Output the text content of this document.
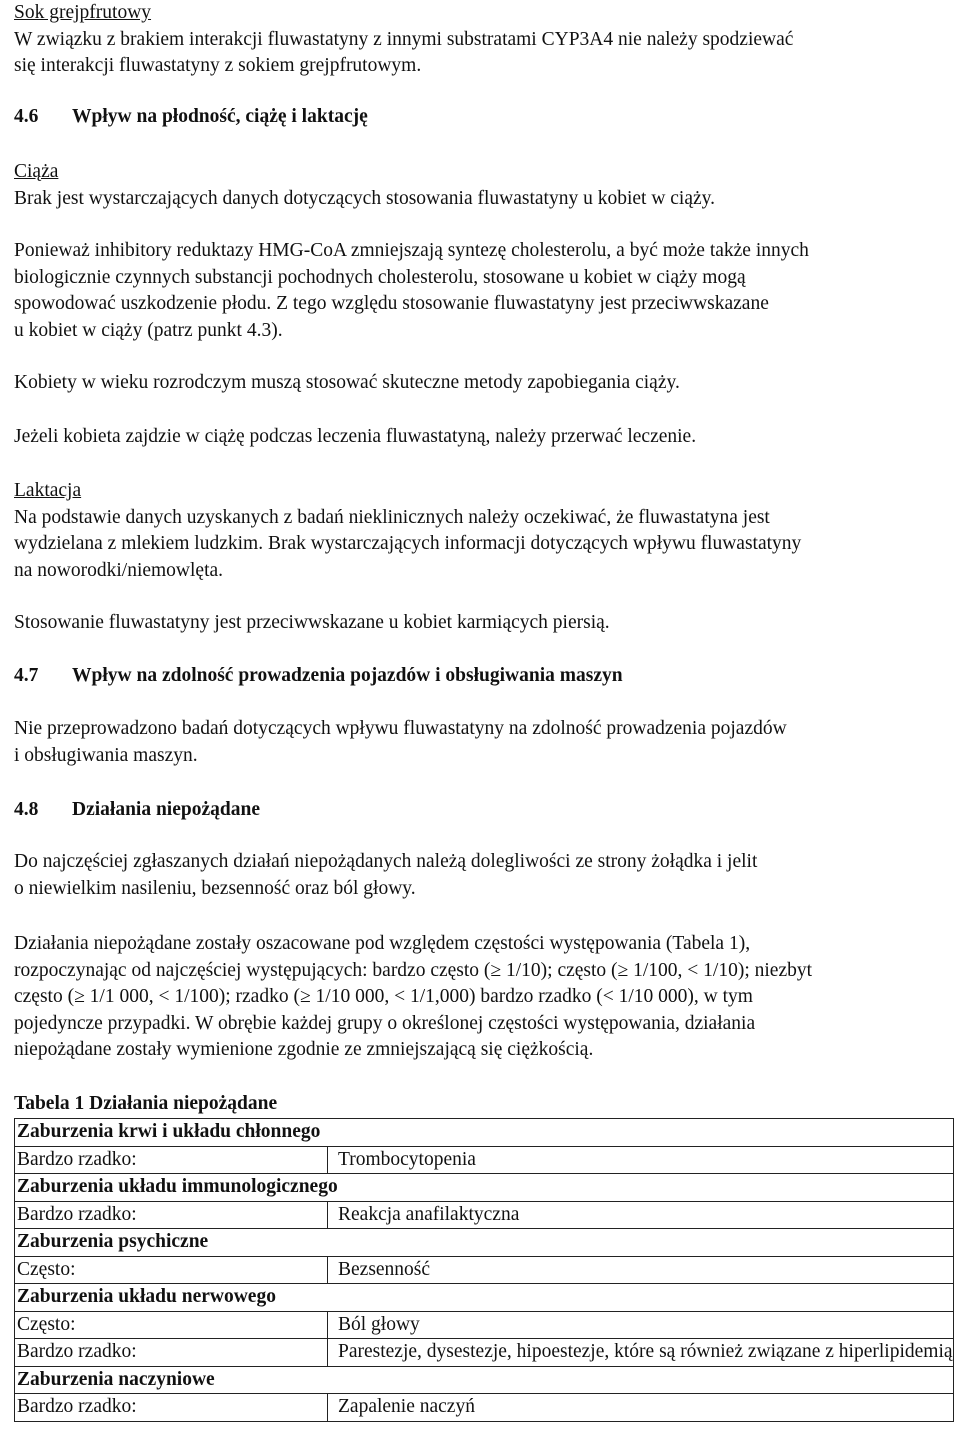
Sok grejpfrutowy

W związku z brakiem interakcji fluwastatyny z innymi substratami CYP3A4 nie należy spodziewać

się interakcji fluwastatyny z sokiem grejpfrutowym.

4.6 Wpływ na płodność, ciążę i laktację

Ciąża

Brak jest wystarczających danych dotyczących stosowania fluwastatyny u kobiet w ciąży.

Ponieważ inhibitory reduktazy HMG-CoA zmniejszają syntezę cholesterolu, a być może także innych

biologicznie czynnych substancji pochodnych cholesterolu, stosowane u kobiet w ciąży mogą

spowodować uszkodzenie płodu. Z tego względu stosowanie fluwastatyny jest przeciwwskazane

u kobiet w ciąży (patrz punkt 4.3).

Kobiety w wieku rozrodczym muszą stosować skuteczne metody zapobiegania ciąży.

Jeżeli kobieta zajdzie w ciążę podczas leczenia fluwastatyną, należy przerwać leczenie.

Laktacja

Na podstawie danych uzyskanych z badań nieklinicznych należy oczekiwać, że fluwastatyna jest

wydzielana z mlekiem ludzkim. Brak wystarczających informacji dotyczących wpływu fluwastatyny

na noworodki/niemowlęta.

Stosowanie fluwastatyny jest przeciwwskazane u kobiet karmiących piersią.

4.7 Wpływ na zdolność prowadzenia pojazdów i obsługiwania maszyn

Nie przeprowadzono badań dotyczących wpływu fluwastatyny na zdolność prowadzenia pojazdów

i obsługiwania maszyn.

4.8 Działania niepożądane

Do najczęściej zgłaszanych działań niepożądanych należą dolegliwości ze strony żołądka i jelit

o niewielkim nasileniu, bezsenność oraz ból głowy.

Działania niepożądane zostały oszacowane pod względem częstości występowania (Tabela 1),

rozpoczynając od najczęściej występujących: bardzo często (≥ 1/10); często (≥ 1/100, < 1/10); niezbyt

często (≥ 1/1 000, < 1/100); rzadko (≥ 1/10 000, < 1/1,000) bardzo rzadko (< 1/10 000), w tym

pojedyncze przypadki. W obrębie każdej grupy o określonej częstości występowania, działania

niepożądane zostały wymienione zgodnie ze zmniejszającą się ciężkością.

Tabela 1 Działania niepożądane
Zaburzenia krwi i układu chłonnego	
Bardzo rzadko:	Trombocytopenia
Zaburzenia układu immunologicznego	
Bardzo rzadko:	Reakcja anafilaktyczna
Zaburzenia psychiczne	
Często:	Bezsenność
Zaburzenia układu nerwowego	
Często:	Ból głowy
Bardzo rzadko:	Parestezje, dysestezje, hipoestezje, które są również związane z hiperlipidemią
Zaburzenia naczyniowe	
Bardzo rzadko:	Zapalenie naczyń
